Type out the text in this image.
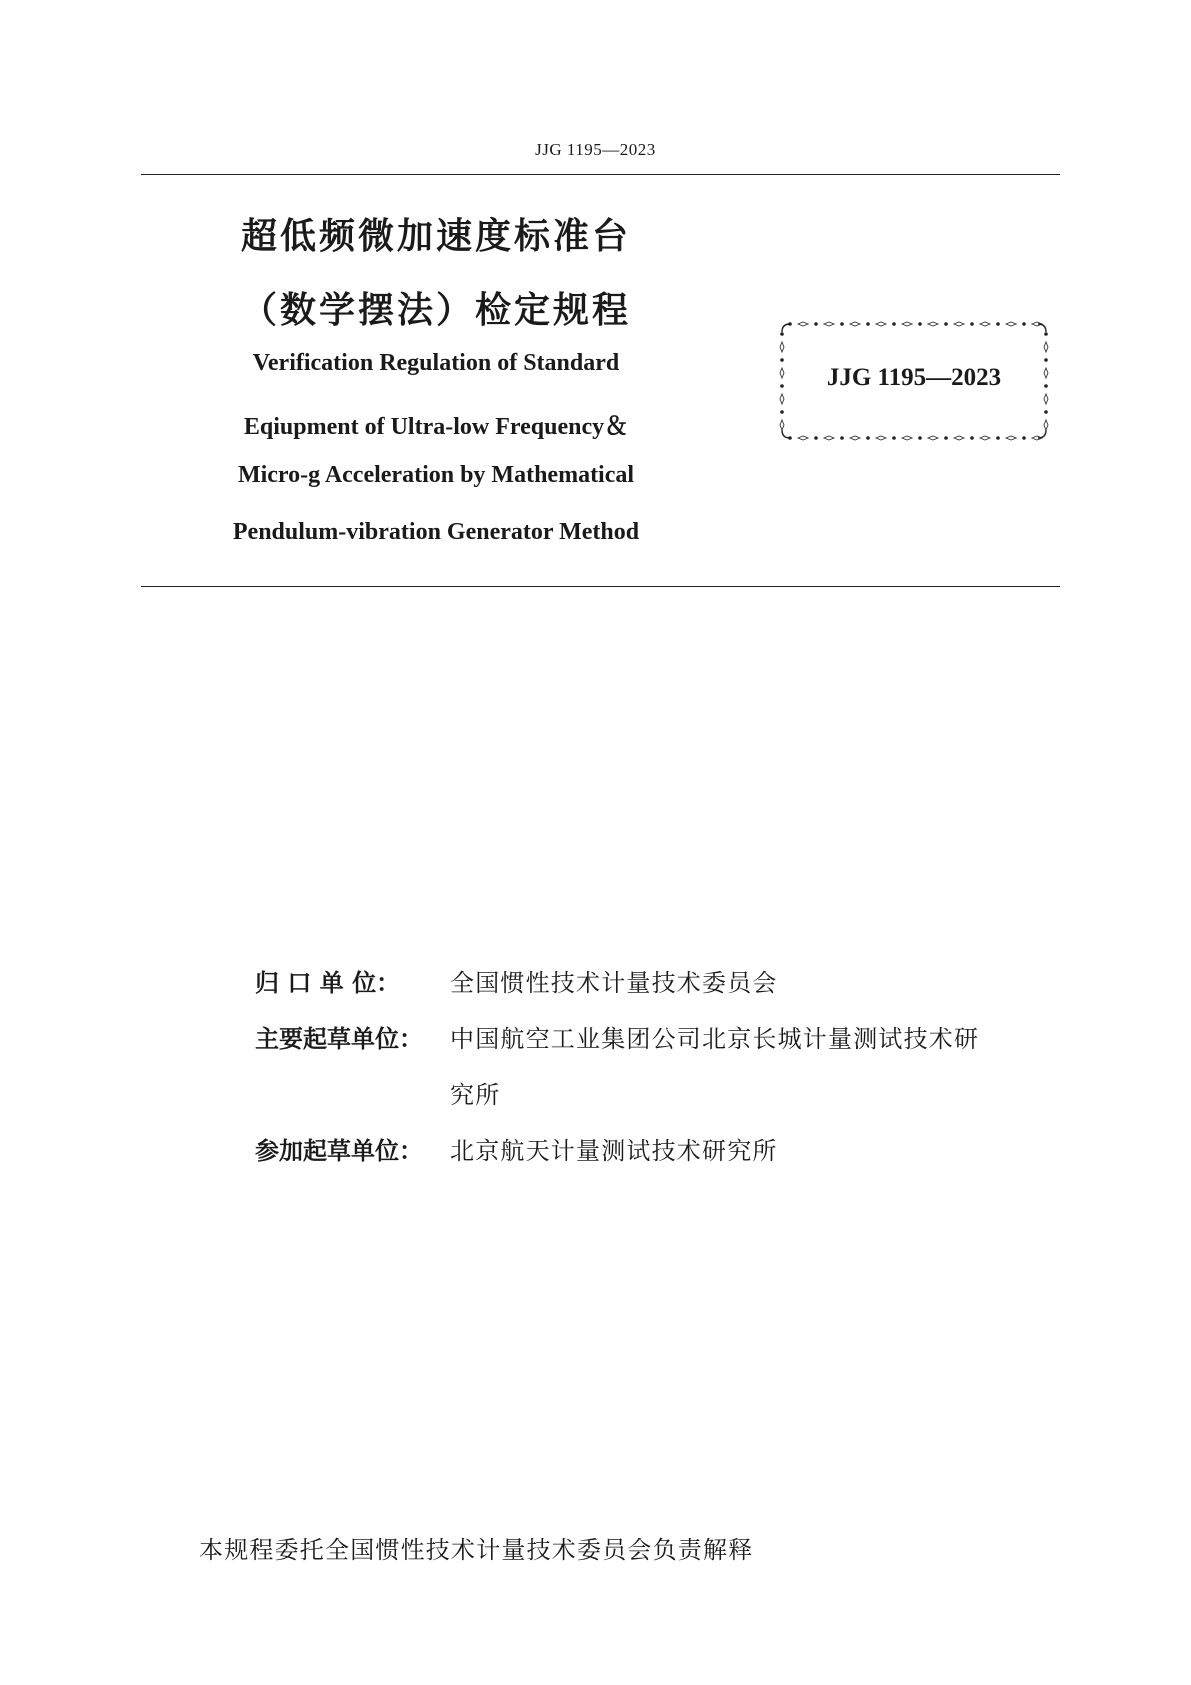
JJG 1195—2023
超低频微加速度标准台
（数学摆法）检定规程
Verification Regulation of Standard
Eqiupment of Ultra-low Frequency＆
Micro-g Acceleration by Mathematical
Pendulum-vibration Generator Method
JJG 1195—2023
归 口 单 位： 全国惯性技术计量技术委员会
主要起草单位： 中国航空工业集团公司北京长城计量测试技术研
究所
参加起草单位： 北京航天计量测试技术研究所
本规程委托全国惯性技术计量技术委员会负责解释
